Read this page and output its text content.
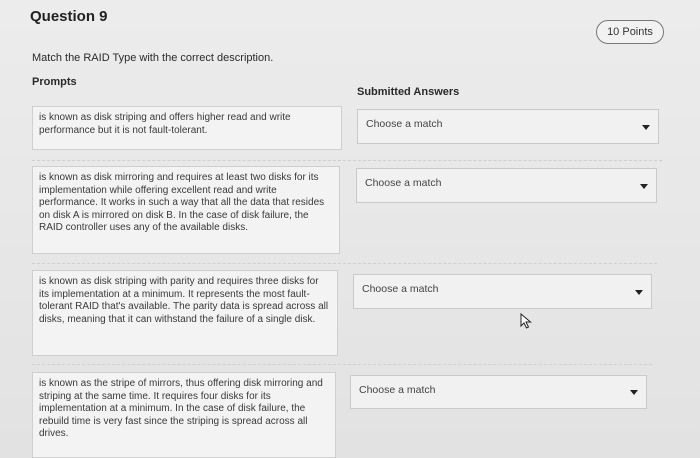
Question 9
10 Points
Match the RAID Type with the correct description.
Prompts
Submitted Answers
is known as disk striping and offers higher read and write performance but it is not fault-tolerant.	Choose a match
is known as disk mirroring and requires at least two disks for its implementation while offering excellent read and write performance. It works in such a way that all the data that resides on disk A is mirrored on disk B. In the case of disk failure, the RAID controller uses any of the available disks.
Choose a match
is known as disk striping with parity and requires three disks for its implementation at a minimum. It represents the most fault-tolerant RAID that's available. The parity data is spread across all disks, meaning that it can withstand the failure of a single disk.
Choose a match
is known as the stripe of mirrors, thus offering disk mirroring and striping at the same time. It requires four disks for its implementation at a minimum. In the case of disk failure, the rebuild time is very fast since the striping is spread across all drives.
Choose a match
